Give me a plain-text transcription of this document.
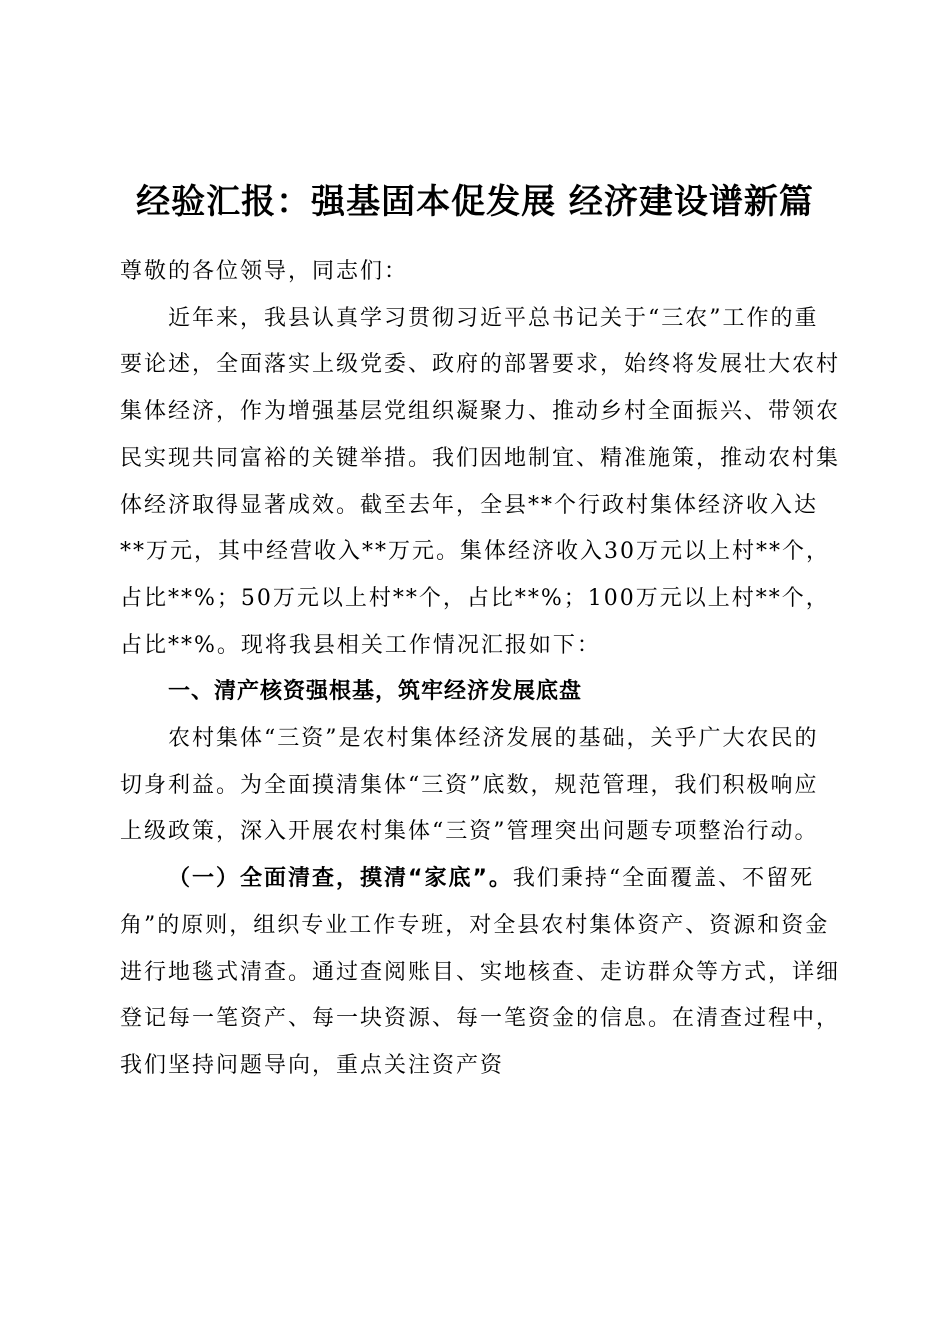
经验汇报：强基固本促发展 经济建设谱新篇

尊敬的各位领导，同志们：

近年来，我县认真学习贯彻习近平总书记关于“三农”工作的重要论述，全面落实上级党委、政府的部署要求，始终将发展壮大农村集体经济，作为增强基层党组织凝聚力、推动乡村全面振兴、带领农民实现共同富裕的关键举措。我们因地制宜、精准施策，推动农村集体经济取得显著成效。截至去年，全县**个行政村集体经济收入达**万元，其中经营收入**万元。集体经济收入30万元以上村**个，占比**%；50万元以上村**个，占比**%；100万元以上村**个，占比**%。现将我县相关工作情况汇报如下：

一、清产核资强根基，筑牢经济发展底盘

农村集体“三资”是农村集体经济发展的基础，关乎广大农民的切身利益。为全面摸清集体“三资”底数，规范管理，我们积极响应上级政策，深入开展农村集体“三资”管理突出问题专项整治行动。

（一）全面清查，摸清“家底”。我们秉持“全面覆盖、不留死角”的原则，组织专业工作专班，对全县农村集体资产、资源和资金进行地毯式清查。通过查阅账目、实地核查、走访群众等方式，详细登记每一笔资产、每一块资源、每一笔资金的信息。在清查过程中，我们坚持问题导向，重点关注资产资
